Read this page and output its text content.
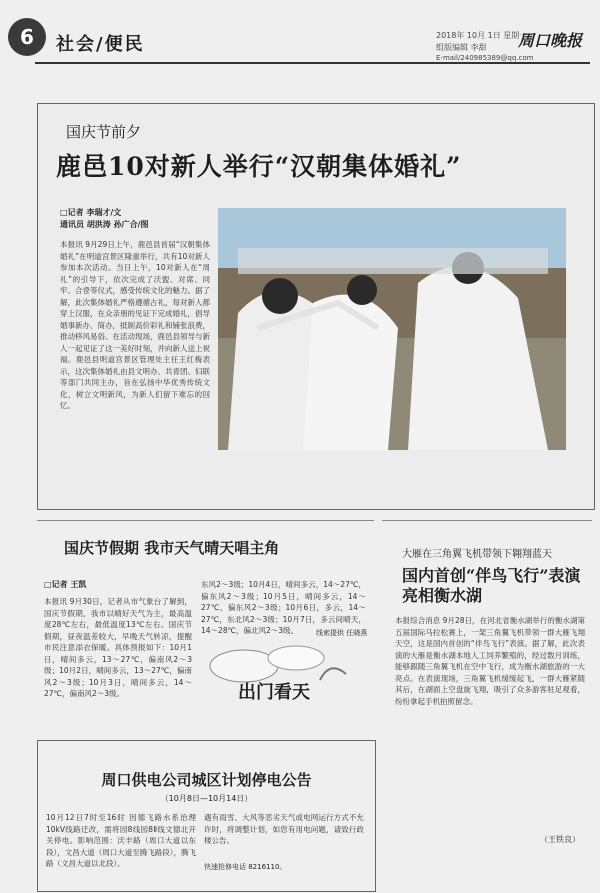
6	社会/便民	2018年 10月 1日 星期一
组版编辑 李甜	周口晚报
E-mail/240985389@qq.com
国庆节前夕
鹿邑10对新人举行“汉朝集体婚礼”
□记者 李瑞才/文
通讯员 胡洪涛 孙广合/图
本报讯 9月29日上午，鹿邑县首届“汉朝集体婚礼”在明道宫景区隆重举行，共有10对新人参加本次活动。当日上午，10对新人在“周礼”的引导下，依次完成了沃盥、对席、同牢、合卺等仪式，感受传统文化的魅力。据了解，此次集体婚礼严格遵循古礼，每对新人都穿上汉服，在众亲朋的见证下完成婚礼，倡导婚事新办、简办，抵制高价彩礼和铺张浪费，推动移风易俗。在活动现场，鹿邑县领导与新人一起见证了这一美好时刻，并向新人送上祝福。鹿邑县明道宫景区管理处主任王红梅表示，这次集体婚礼由县文明办、共青团、妇联等部门共同主办，旨在弘扬中华优秀传统文化，树立文明新风，为新人们留下难忘的回忆。
国庆节假期 我市天气晴天唱主角
□记者 王凯
本报讯 9月30日，记者从市气象台了解到，国庆节假期，我市以晴好天气为主，最高温度28℃左右，最低温度13℃左右。国庆节假期，昼夜温差较大，早晚天气转凉，提醒市民注意添衣保暖。具体预报如下：10月1日，晴间多云，13～27℃，偏南风2～3级；10月2日，晴间多云，13～27℃，偏南风2～3级；10月3日，晴间多云，14～27℃，偏南风2～3级。
东风2～3级；10月4日，晴间多云，14～27℃，偏东风2～3级；10月5日，晴间多云，14～27℃，偏东风2～3级；10月6日，多云，14～27℃，东北风2～3级；10月7日，多云间晴天，14～28℃，偏北风2～3级。	线索提供 任晓燕
出门看天
大雁在三角翼飞机带领下翱翔蓝天
国内首创“伴鸟飞行”表演亮相衡水湖
本报综合消息 9月28日，在河北省衡水湖举行的衡水湖第五届国际马拉松赛上，一架三角翼飞机带领一群大雁飞翔天空，这是国内首创的“伴鸟飞行”表演。据了解，此次表演的大雁是衡水湖本地人工饲养繁殖的，经过数月训练，能够跟随三角翼飞机在空中飞行，成为衡水湖旅游的一大亮点。在表演现场，三角翼飞机缓缓起飞，一群大雁紧随其后，在湖面上空盘旋飞翔，吸引了众多游客驻足观看，纷纷拿起手机拍照留念。
（王铁良）
周口供电公司城区计划停电公告
（10月8日—10月14日）
10月12日7时至16时 因德飞路水系治理10kV线路迁改，需将园8线园8Ⅱ线文德北开关停电。影响范围：沃丰路（周口大道以东段），文昌大道（周口大道至腾飞路段），腾飞路（文昌大道以北段）。
遇有雨雪、大风等恶劣天气或电网运行方式不允许时，将调整计划，如您有用电问题，请致行政楼公告。
快速抢修电话 8216110。
